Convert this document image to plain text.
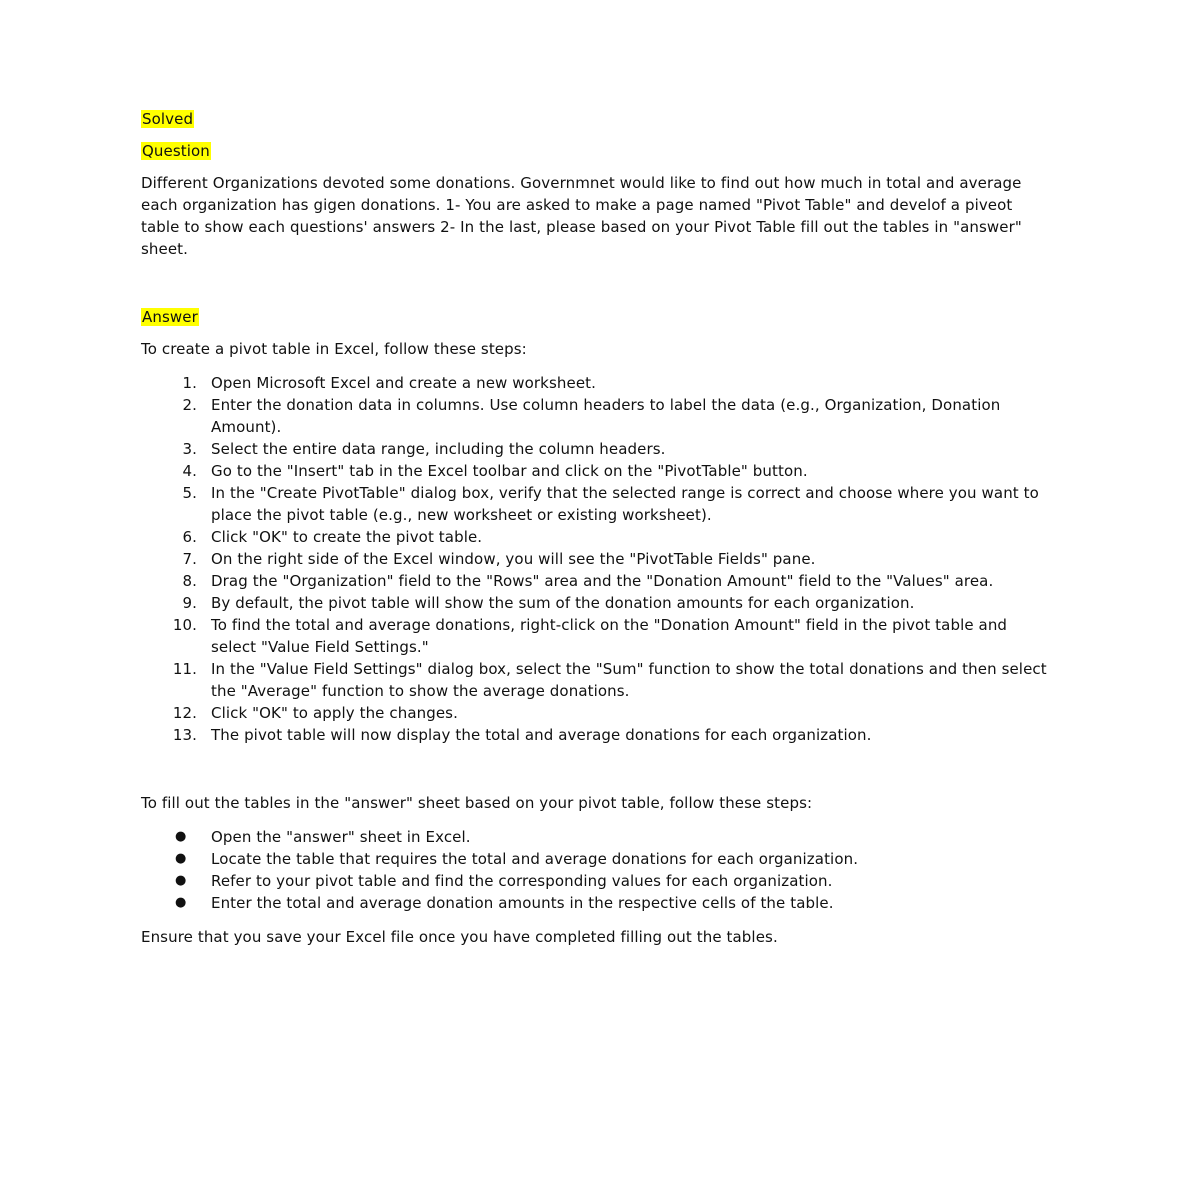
Solved
Question

Different Organizations devoted some donations. Governmnet would like to find out how much in total and average each organization has gigen donations. 1- You are asked to make a page named "Pivot Table" and develof a piveot table to show each questions' answers 2- In the last, please based on your Pivot Table fill out the tables in "answer" sheet.

Answer

To create a pivot table in Excel, follow these steps:

1. Open Microsoft Excel and create a new worksheet.
2. Enter the donation data in columns. Use column headers to label the data (e.g., Organization, Donation Amount).
3. Select the entire data range, including the column headers.
4. Go to the "Insert" tab in the Excel toolbar and click on the "PivotTable" button.
5. In the "Create PivotTable" dialog box, verify that the selected range is correct and choose where you want to place the pivot table (e.g., new worksheet or existing worksheet).
6. Click "OK" to create the pivot table.
7. On the right side of the Excel window, you will see the "PivotTable Fields" pane.
8. Drag the "Organization" field to the "Rows" area and the "Donation Amount" field to the "Values" area.
9. By default, the pivot table will show the sum of the donation amounts for each organization.
10. To find the total and average donations, right-click on the "Donation Amount" field in the pivot table and select "Value Field Settings."
11. In the "Value Field Settings" dialog box, select the "Sum" function to show the total donations and then select the "Average" function to show the average donations.
12. Click "OK" to apply the changes.
13. The pivot table will now display the total and average donations for each organization.

To fill out the tables in the "answer" sheet based on your pivot table, follow these steps:

● Open the "answer" sheet in Excel.
● Locate the table that requires the total and average donations for each organization.
● Refer to your pivot table and find the corresponding values for each organization.
● Enter the total and average donation amounts in the respective cells of the table.

Ensure that you save your Excel file once you have completed filling out the tables.
